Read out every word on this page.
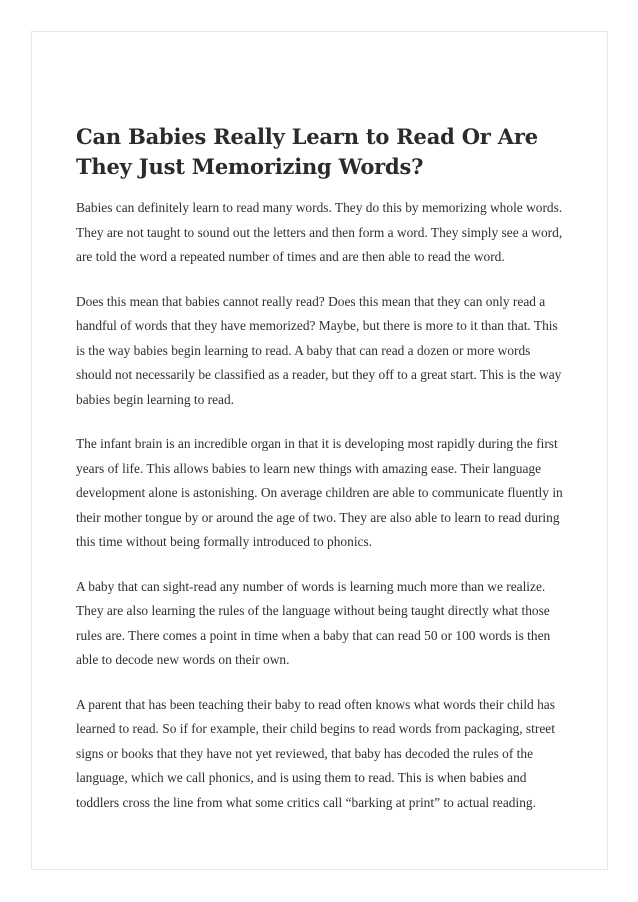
Can Babies Really Learn to Read Or Are They Just Memorizing Words?

Babies can definitely learn to read many words. They do this by memorizing whole words. They are not taught to sound out the letters and then form a word. They simply see a word, are told the word a repeated number of times and are then able to read the word.

Does this mean that babies cannot really read? Does this mean that they can only read a handful of words that they have memorized? Maybe, but there is more to it than that. This is the way babies begin learning to read. A baby that can read a dozen or more words should not necessarily be classified as a reader, but they off to a great start. This is the way babies begin learning to read.

The infant brain is an incredible organ in that it is developing most rapidly during the first years of life. This allows babies to learn new things with amazing ease. Their language development alone is astonishing. On average children are able to communicate fluently in their mother tongue by or around the age of two. They are also able to learn to read during this time without being formally introduced to phonics.

A baby that can sight-read any number of words is learning much more than we realize. They are also learning the rules of the language without being taught directly what those rules are. There comes a point in time when a baby that can read 50 or 100 words is then able to decode new words on their own.

A parent that has been teaching their baby to read often knows what words their child has learned to read. So if for example, their child begins to read words from packaging, street signs or books that they have not yet reviewed, that baby has decoded the rules of the language, which we call phonics, and is using them to read. This is when babies and toddlers cross the line from what some critics call “barking at print” to actual reading.
